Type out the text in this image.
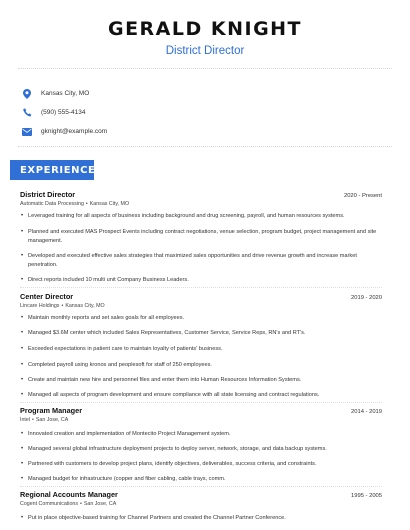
GERALD KNIGHT
District Director
Kansas City, MO
(590) 555-4134
gknight@example.com
EXPERIENCE
District Director	2020 - Present
Automatic Data Processing • Kansas City, MO
• Leveraged training for all aspects of business including background and drug screening, payroll, and human resources systems.
• Planned and executed MAS Prospect Events including contract negotiations, venue selection, program budget, project management and site management.
• Developed and executed effective sales strategies that maximized sales opportunities and drive revenue growth and increase market penetration.
• Direct reports included 10 multi unit Company Business Leaders.
Center Director	2019 - 2020
Lincare Holdings • Kansas City, MO
• Maintain monthly reports and set sales goals for all employees.
• Managed $3.6M center which included Sales Representatives, Customer Service, Service Reps, RN's and RT's.
• Exceeded expectations in patient care to maintain loyalty of patients' business.
• Completed payroll using kronos and peoplesoft for staff of 250 employees.
• Create and maintain new hire and personnel files and enter them into Human Resources Information Systems.
• Managed all aspects of program development and ensure compliance with all state licensing and contract regulations.
Program Manager	2014 - 2019
Intel • San Jose, CA
• Innovated creation and implementation of Montecito Project Management system.
• Managed several global infrastructure deployment projects to deploy server, network, storage, and data backup systems.
• Partnered with customers to develop project plans, identify objectives, deliverables, success criteria, and constraints.
• Managed budget for infrastructure (copper and fiber cabling, cable trays, comm.
Regional Accounts Manager	1995 - 2005
Cogent Communications • San Jose, CA
• Put in place objective-based training for Channel Partners and created the Channel Partner Conference.
